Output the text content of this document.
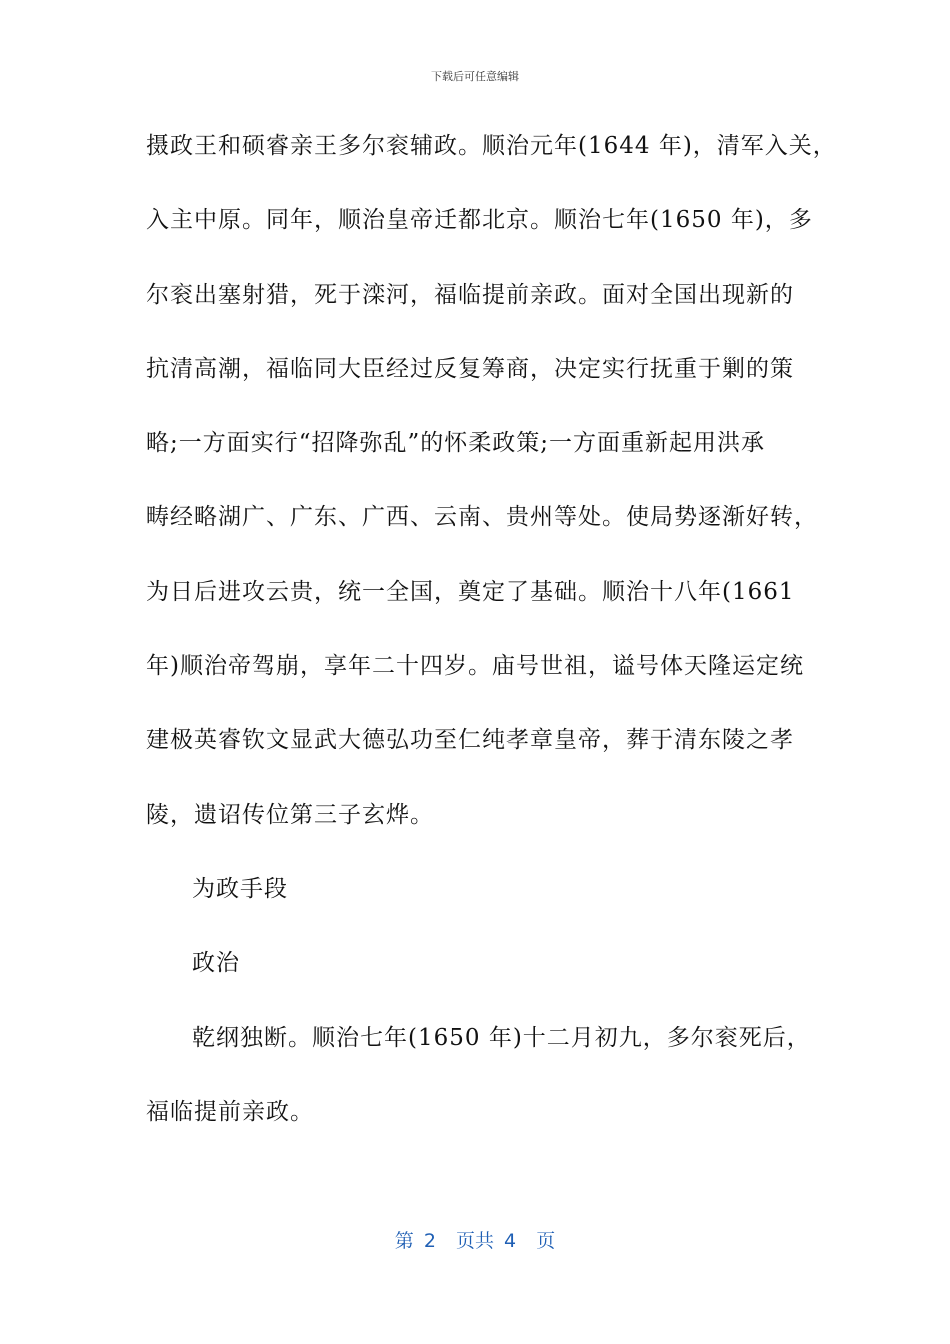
下载后可任意编辑
摄政王和硕睿亲王多尔衮辅政。顺治元年(1644 年)，清军入关，
入主中原。同年，顺治皇帝迁都北京。顺治七年(1650 年)，多
尔衮出塞射猎，死于滦河，福临提前亲政。面对全国出现新的
抗清高潮，福临同大臣经过反复筹商，决定实行抚重于剿的策
略;一方面实行“招降弥乱”的怀柔政策;一方面重新起用洪承
畴经略湖广、广东、广西、云南、贵州等处。使局势逐渐好转，
为日后进攻云贵，统一全国，奠定了基础。顺治十八年(1661
年)顺治帝驾崩，享年二十四岁。庙号世祖，谥号体天隆运定统
建极英睿钦文显武大德弘功至仁纯孝章皇帝，葬于清东陵之孝
陵，遗诏传位第三子玄烨。
为政手段
政治
乾纲独断。顺治七年(1650 年)十二月初九，多尔衮死后，
福临提前亲政。
第 2  页共 4  页
